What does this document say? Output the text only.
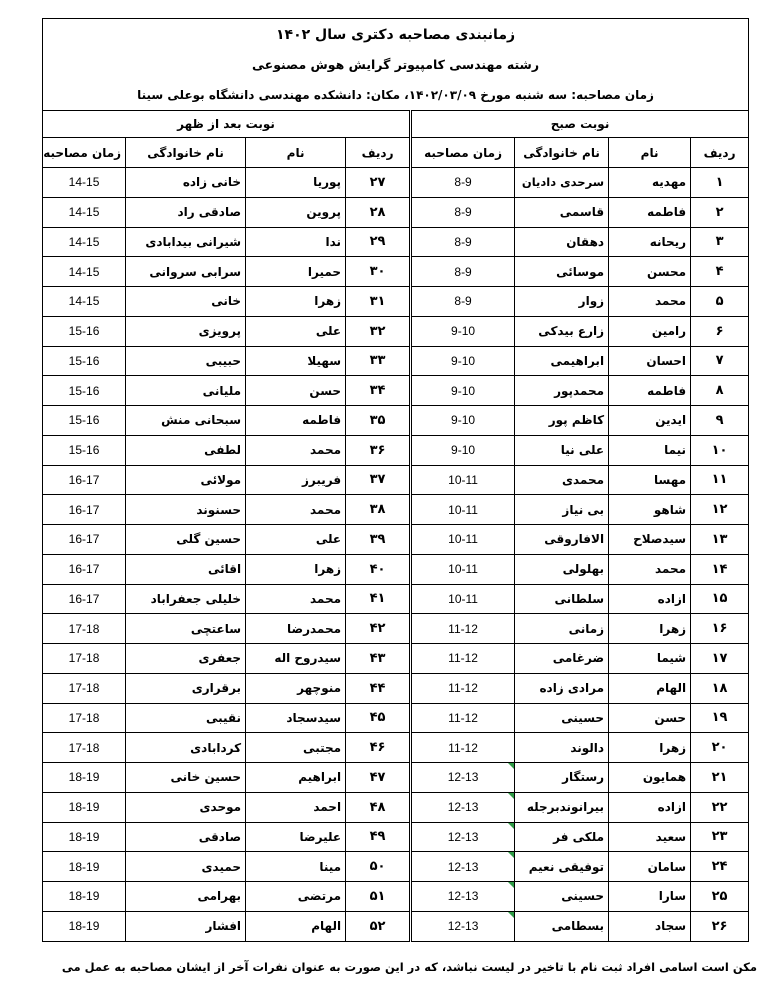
زمانبندی مصاحبه دکتری سال ۱۴۰۲
رشته مهندسی کامپیوتر گرایش هوش مصنوعی
زمان مصاحبه: سه شنبه مورخ ۱۴۰۲/۰۳/۰۹، مکان: دانشکده مهندسی دانشگاه بوعلی سینا							

نوبت صبح				نوبت بعد از ظهر			
ردیف	نام	نام خانوادگی	زمان مصاحبه	ردیف	نام	نام خانوادگی	زمان مصاحبه
۱	مهدیه	سرحدی دادیان	8-9	۲۷	پوریا	خانی زاده	14-15
۲	فاطمه	قاسمی	8-9	۲۸	پروین	صادقی راد	14-15
۳	ریحانه	دهقان	8-9	۲۹	ندا	شیرانی بیدابادی	14-15
۴	محسن	موسائی	8-9	۳۰	حمیرا	سرابی سروانی	14-15
۵	محمد	زوار	8-9	۳۱	زهرا	خانی	14-15
۶	رامین	زارع بیدکی	9-10	۳۲	علی	پرویزی	15-16
۷	احسان	ابراهیمی	9-10	۳۳	سهیلا	حبیبی	15-16
۸	فاطمه	محمدپور	9-10	۳۴	حسن	ملیانی	15-16
۹	ایدین	کاظم پور	9-10	۳۵	فاطمه	سبحانی منش	15-16
۱۰	نیما	علی نیا	9-10	۳۶	محمد	لطفی	15-16
۱۱	مهسا	محمدی	10-11	۳۷	فریبرز	مولائی	16-17
۱۲	شاهو	بی نیاز	10-11	۳۸	محمد	حسنوند	16-17
۱۳	سیدصلاح	الافاروقی	10-11	۳۹	علی	حسین گلی	16-17
۱۴	محمد	بهلولی	10-11	۴۰	زهرا	اقائی	16-17
۱۵	ازاده	سلطانی	10-11	۴۱	محمد	خلیلی جعفراباد	16-17
۱۶	زهرا	زمانی	11-12	۴۲	محمدرضا	ساعتچی	17-18
۱۷	شیما	ضرغامی	11-12	۴۳	سیدروح اله	جعفری	17-18
۱۸	الهام	مرادی زاده	11-12	۴۴	منوچهر	برقراری	17-18
۱۹	حسن	حسینی	11-12	۴۵	سیدسجاد	نقیبی	17-18
۲۰	زهرا	دالوند	11-12	۴۶	مجتبی	کردابادی	17-18
۲۱	همایون	رستگار	12-13	۴۷	ابراهیم	حسین خانی	18-19
۲۲	ازاده	بیرانوندبرجله	12-13	۴۸	احمد	موحدی	18-19
۲۳	سعید	ملکی فر	12-13	۴۹	علیرضا	صادقی	18-19
۲۴	سامان	توفیقی نعیم	12-13	۵۰	مینا	حمیدی	18-19
۲۵	سارا	حسینی	12-13	۵۱	مرتضی	بهرامی	18-19
۲۶	سجاد	بسطامی	12-13	۵۲	الهام	افشار	18-19
مکن است اسامی افراد ثبت نام با تاخیر در لیست نباشد، که در این صورت به عنوان نفرات آخر از ایشان مصاحبه به عمل می
